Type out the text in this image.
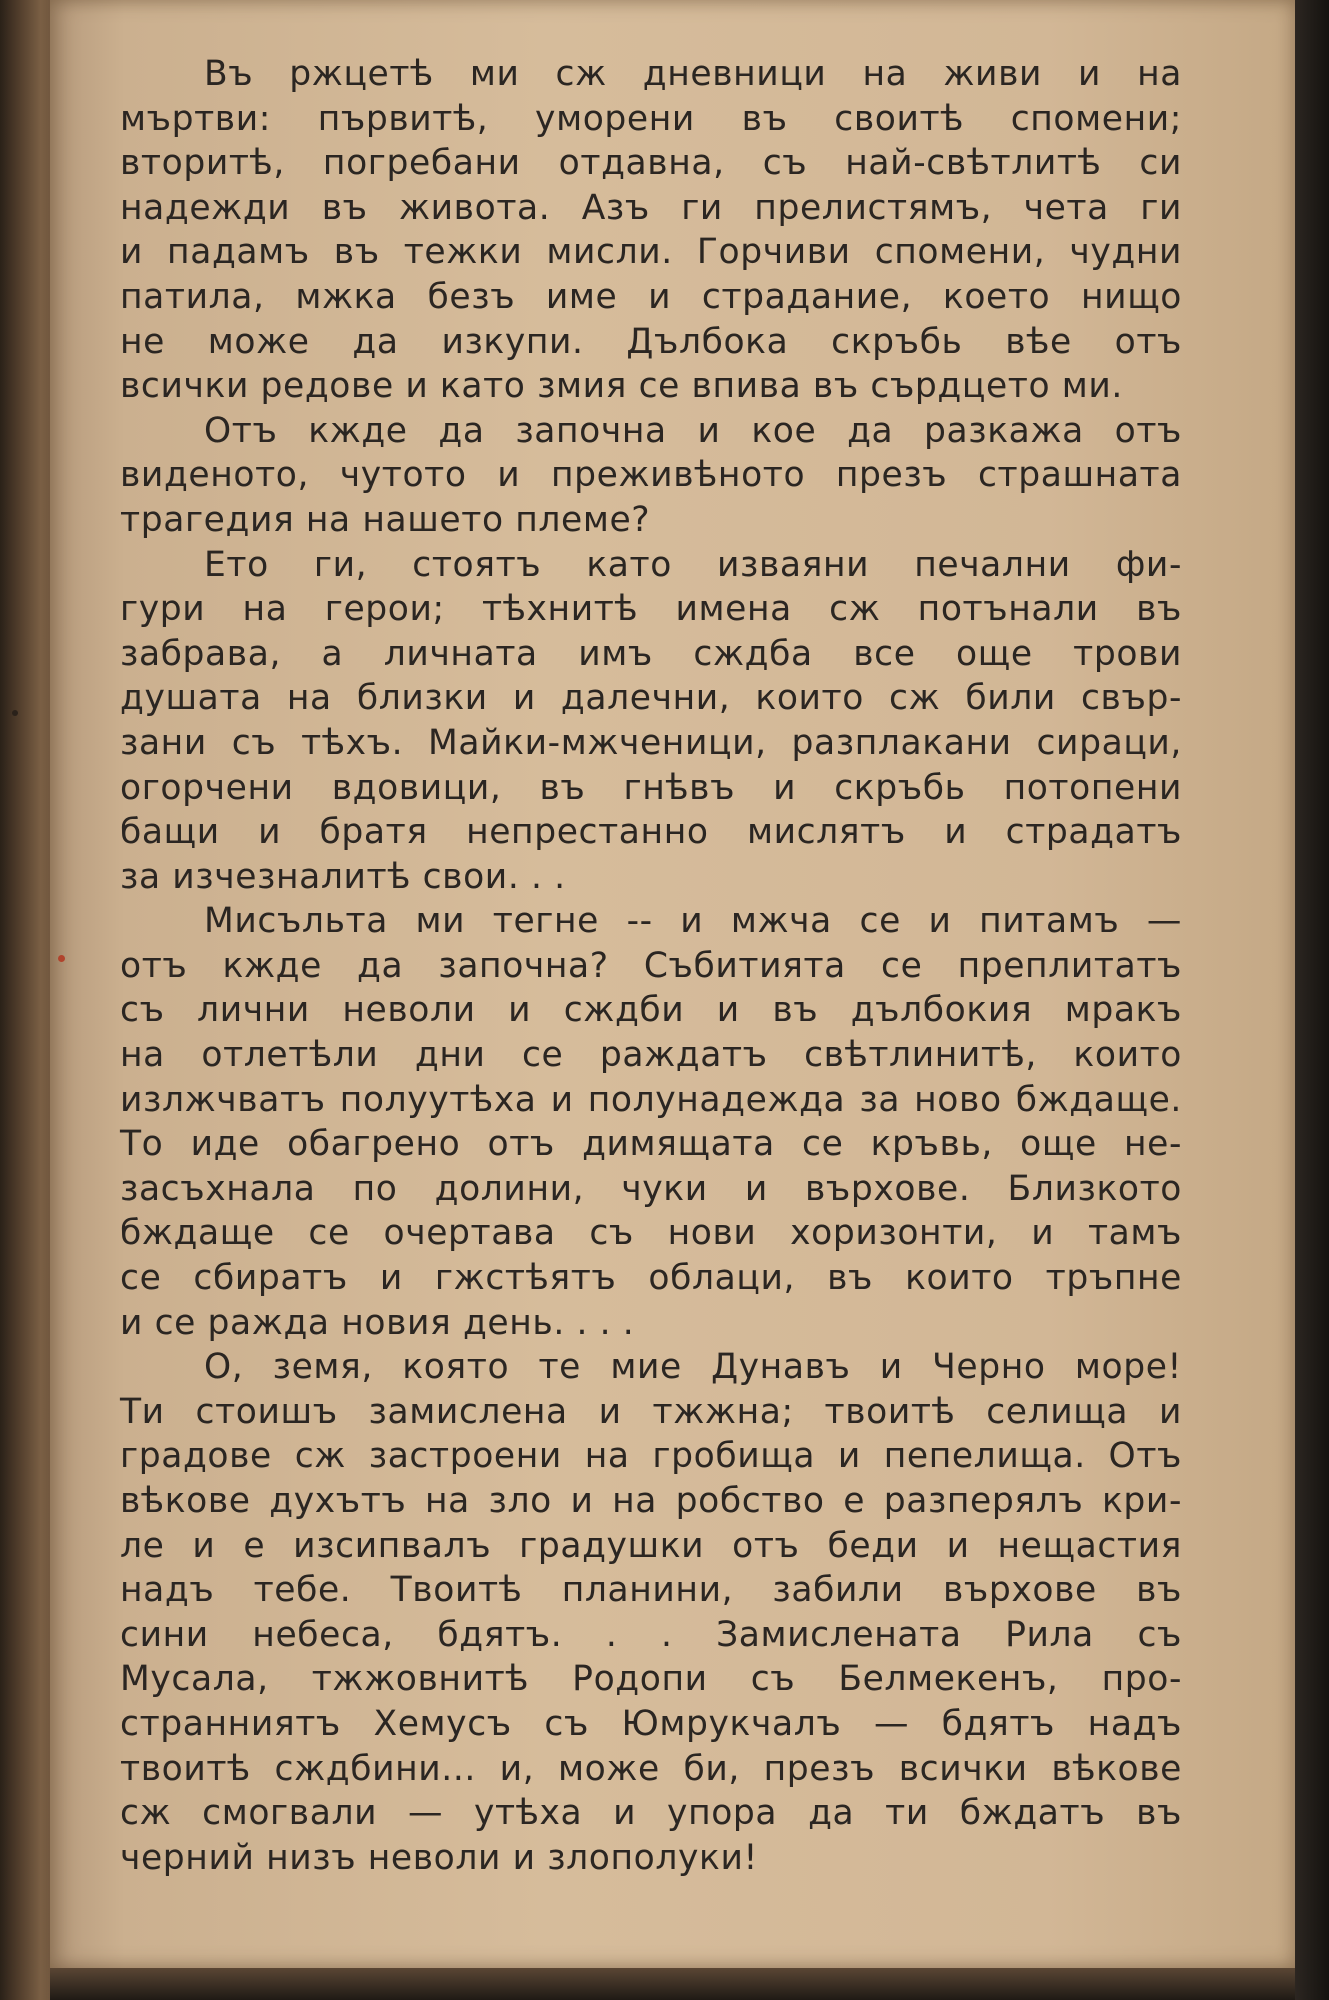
Въ ржцетѣ ми сж дневници на живи и на
мъртви: първитѣ, уморени въ своитѣ спомени;
вторитѣ, погребани отдавна, съ най-свѣтлитѣ си
надежди въ живота. Азъ ги прелистямъ, чета ги
и падамъ въ тежки мисли. Горчиви спомени, чудни
патила, мжка безъ име и страдание, което нищо
не може да изкупи. Дълбока скръбь вѣе отъ
всички редове и като змия се впива въ сърдцето ми.
Отъ кжде да започна и кое да разкажа отъ
виденото, чутото и преживѣното презъ страшната
трагедия на нашето племе?
Ето ги, стоятъ като изваяни печални фи-
гури на герои; тѣхнитѣ имена сж потънали въ
забрава, а личната имъ сждба все още трови
душата на близки и далечни, които сж били свър-
зани съ тѣхъ. Майки-мжченици, разплакани сираци,
огорчени вдовици, въ гнѣвъ и скръбь потопени
бащи и братя непрестанно мислятъ и страдатъ
за изчезналитѣ свои. . .
Мисъльта ми тегне -- и мжча се и питамъ —
отъ кжде да започна? Събитията се преплитатъ
съ лични неволи и сждби и въ дълбокия мракъ
на отлетѣли дни се раждатъ свѣтлинитѣ, които
излжчватъ полуутѣха и полунадежда за ново бждаще.
То иде обагрено отъ димящата се кръвь, още не-
засъхнала по долини, чуки и върхове. Близкото
бждаще се очертава съ нови хоризонти, и тамъ
се сбиратъ и гжстѣятъ облаци, въ които тръпне
и се ражда новия день. . . .
О, земя, която те мие Дунавъ и Черно море!
Ти стоишъ замислена и тжжна; твоитѣ селища и
градове сж застроени на гробища и пепелища. Отъ
вѣкове духътъ на зло и на робство е разперялъ кри-
ле и е изсипвалъ градушки отъ беди и нещастия
надъ тебе. Твоитѣ планини, забили върхове въ
сини небеса, бдятъ. . . Замислената Рила съ
Мусала, тжжовнитѣ Родопи съ Белмекенъ, про-
странниятъ Хемусъ съ Юмрукчалъ — бдятъ надъ
твоитѣ сждбини... и, може би, презъ всички вѣкове
сж смогвали — утѣха и упора да ти бждатъ въ
черний низъ неволи и злополуки!
